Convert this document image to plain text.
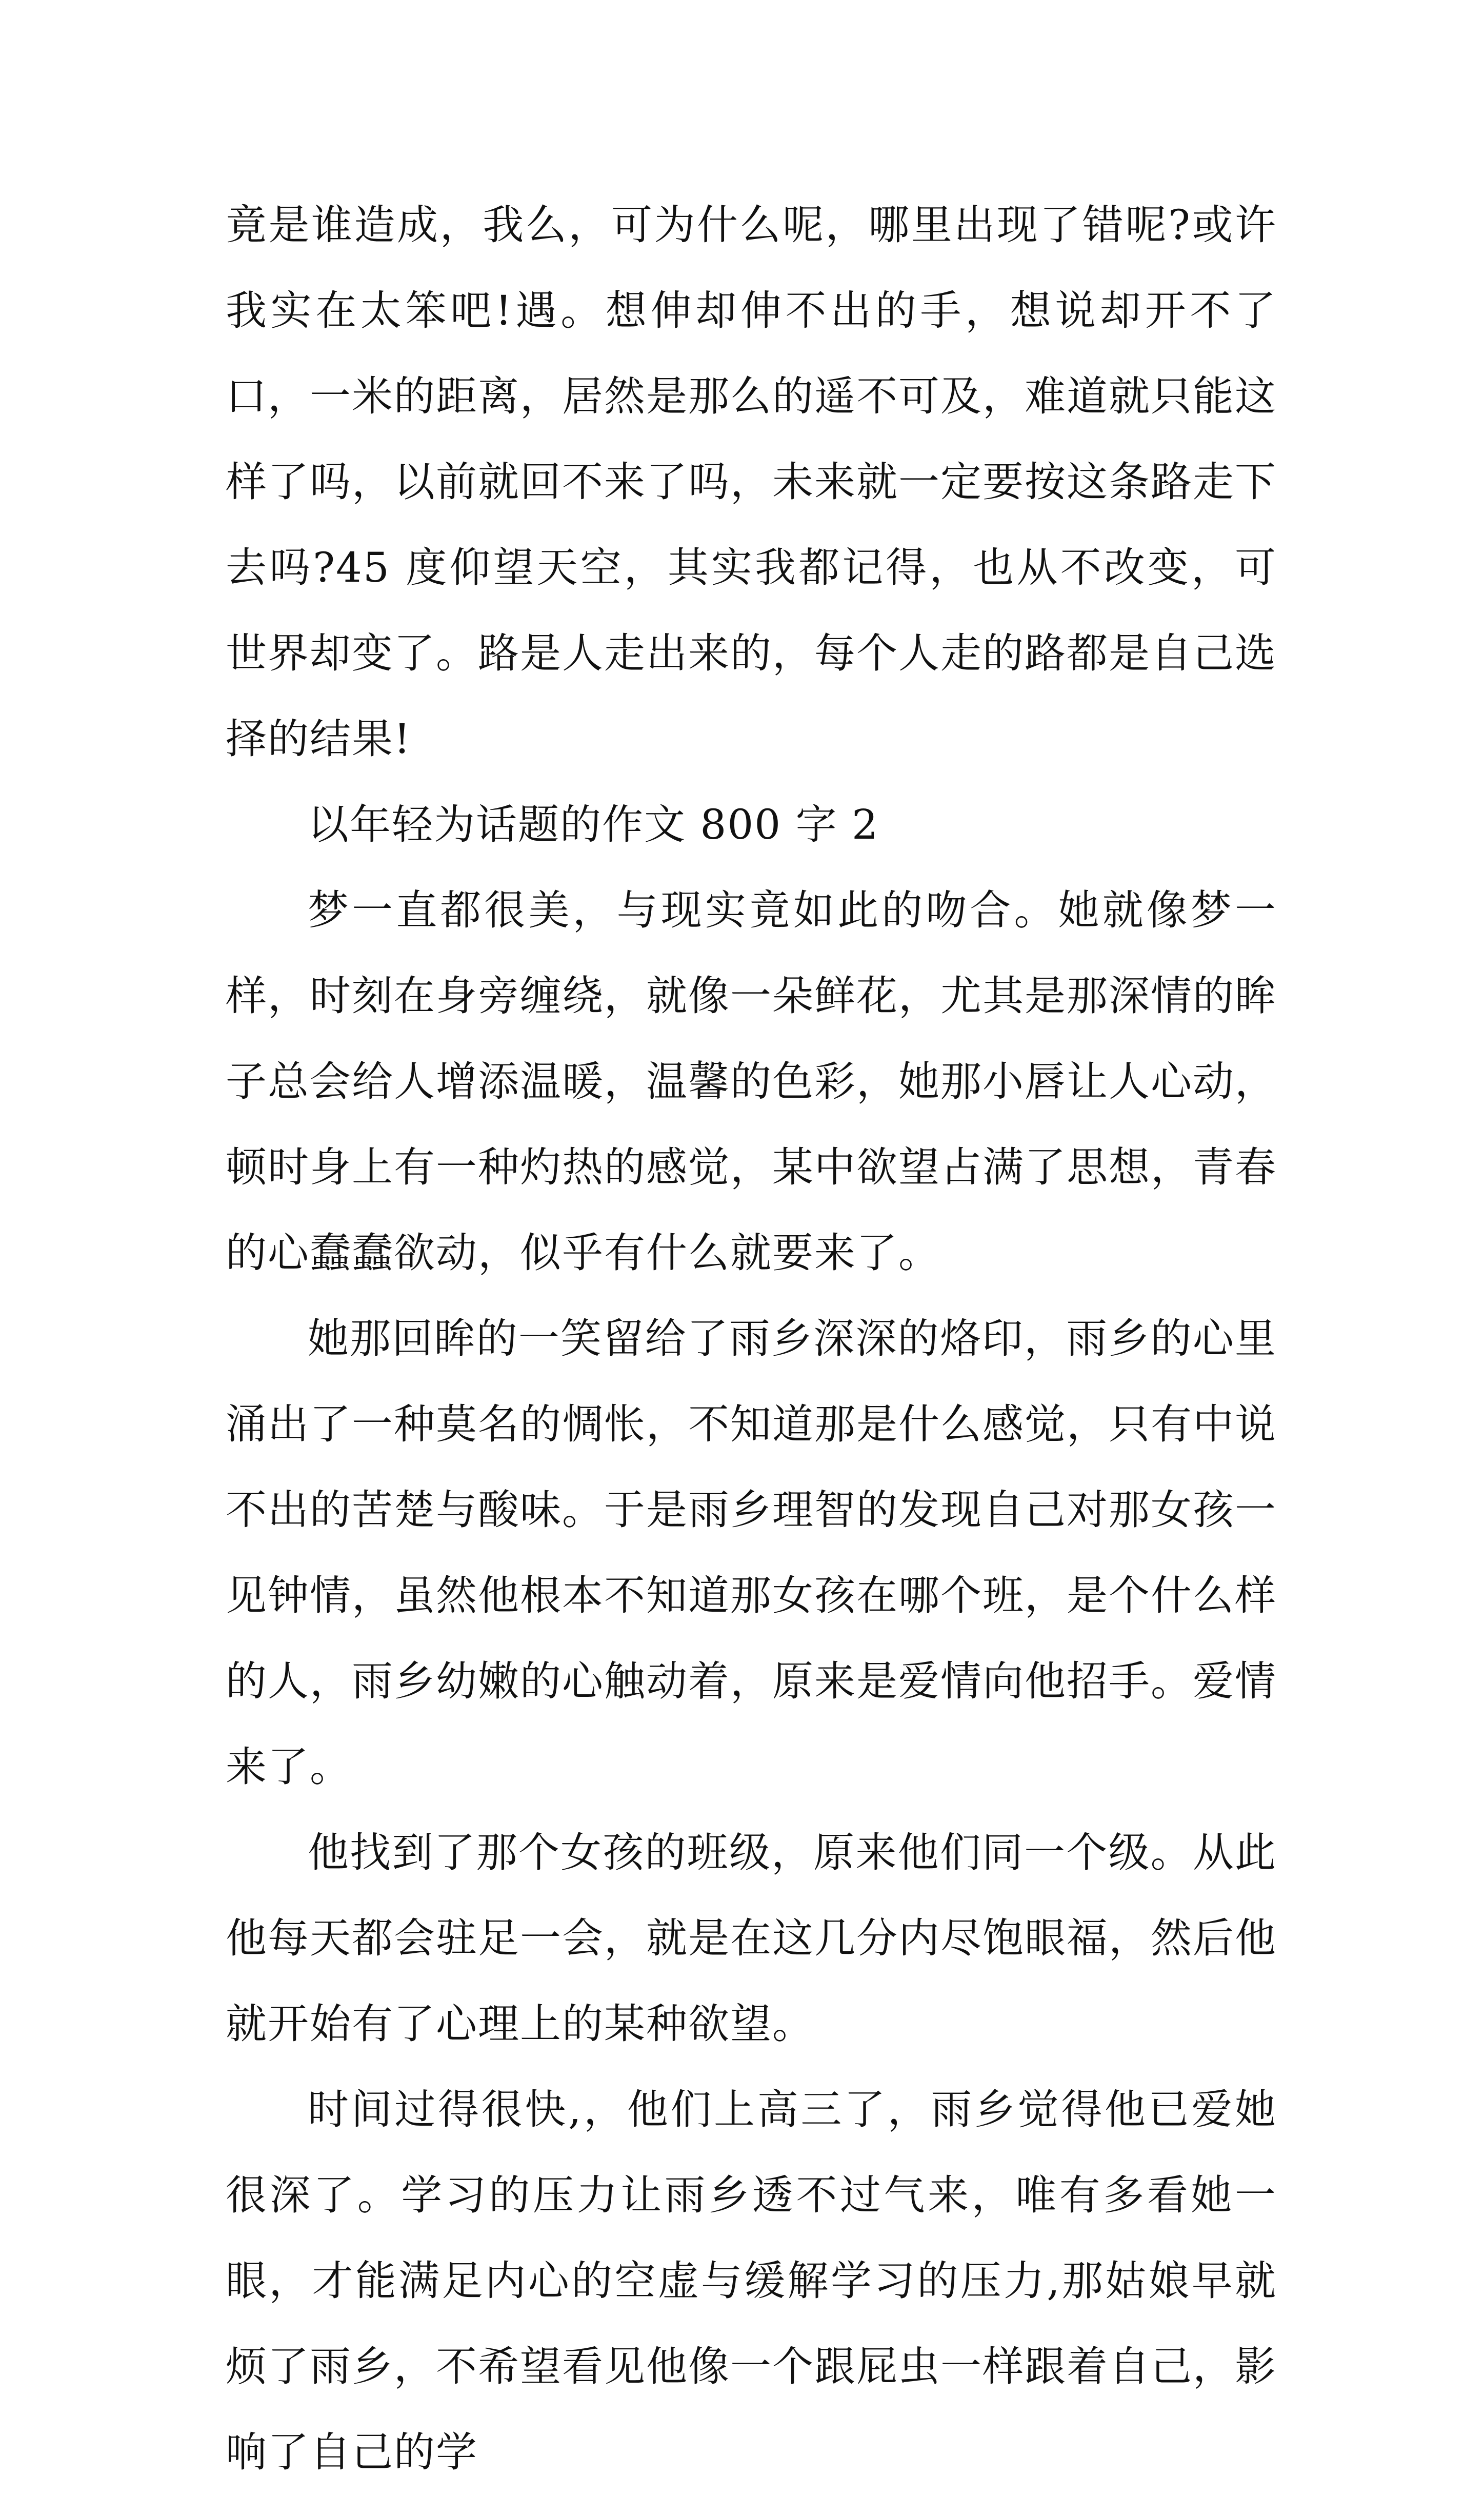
竟是谁造成，我么，可为什么呢，哪里出现了错呢?或许我实在太笨吧!遇。想伸却伸不出的手，想说却开不了口，一米的距离，居然是那么的遥不可及，难道就只能这样了吗，以前就回不来了吗，未来就一定要按这条路走下去吗?45 度仰望天空，其实我都记得，也从不改变，可世界却变了。路是人走出来的，每个人走的路都是自己选择的结果!

以年轻为话题的作文 800 字 2

梦一直都很美，与现实竟如此的吻合。她就像梦一样，时刻在身旁缠绕，就像一朵鲜花，尤其是那深情的眸子总会给人增添温暖，温馨的色彩，她那小唇让人心动，顿时身上有一种灼热的感觉，某中欲望占满了思想，青春的心蠢蠢欲动，似乎有什么就要来了。

她那回眸的一笑留给了雨乡深深的烙印，雨乡的心里涌出了一种莫名的惆怅，不知道那是什么感觉，只有中说不出的苦楚与酸味。于是雨乡理智的发现自己对那女孩一见钟情，虽然他根本不知道那女孩在哪个班，是个什么样的人，雨乡幼嫩的心触动着，原来是爱情向他招手。爱情来了。

他找到了那个女孩的班级，原来他们同一个级。从此他每天都会驻足一会，就是在这几分内尽饱眼福，然后他就开始有了心理上的某种欲望。

时间过得很快,，他们上高三了，雨乡觉得他已爱她很深了。学习的压力让雨乡透不过气来，唯有多看她一眼，才能满足内心的空虚与缓解学习的压力,那姑娘早就烦了雨乡，不希望看见他像一个跟屁虫一样跟着自己，影响了自己的学
